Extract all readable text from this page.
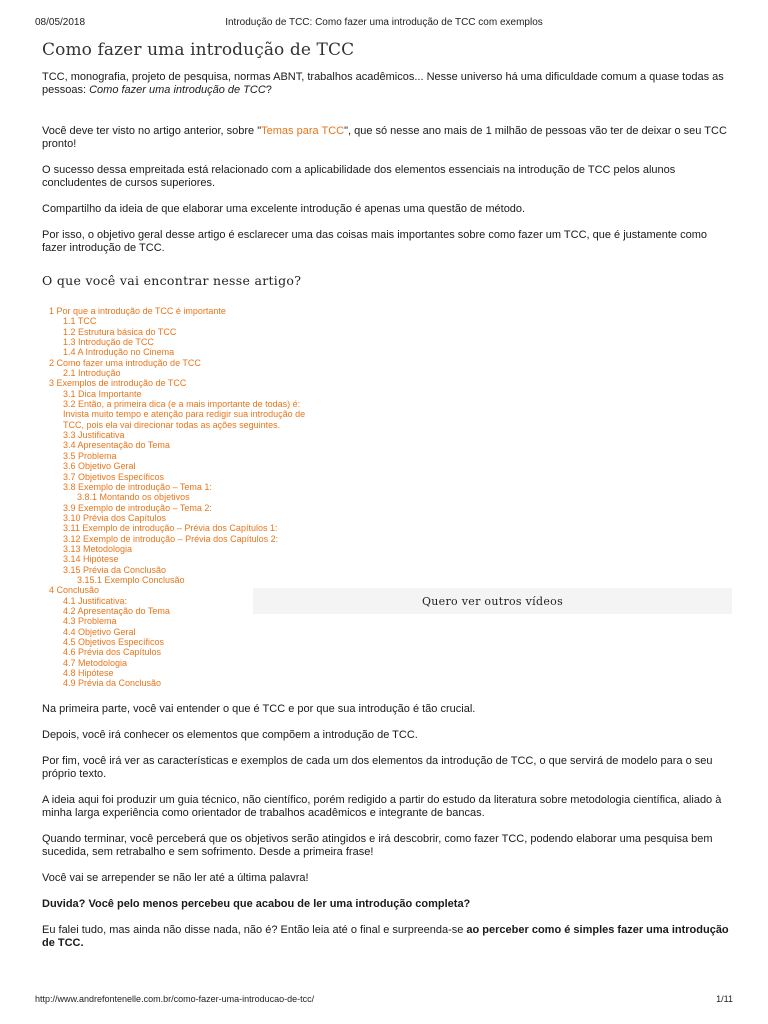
08/05/2018	Introdução de TCC: Como fazer uma introdução de TCC com exemplos
Como fazer uma introdução de TCC

TCC, monografia, projeto de pesquisa, normas ABNT, trabalhos acadêmicos... Nesse universo há uma dificuldade comum a quase todas as pessoas: Como fazer uma introdução de TCC?

Você deve ter visto no artigo anterior, sobre "Temas para TCC", que só nesse ano mais de 1 milhão de pessoas vão ter de deixar o seu TCC pronto!

O sucesso dessa empreitada está relacionado com a aplicabilidade dos elementos essenciais na introdução de TCC pelos alunos concludentes de cursos superiores.

Compartilho da ideia de que elaborar uma excelente introdução é apenas uma questão de método.

Por isso, o objetivo geral desse artigo é esclarecer uma das coisas mais importantes sobre como fazer um TCC, que é justamente como fazer introdução de TCC.

O que você vai encontrar nesse artigo?
1 Por que a introdução de TCC é importante
1.1 TCC
1.2 Estrutura básica do TCC
1.3 Introdução de TCC
1.4 A Introdução no Cinema
2 Como fazer uma introdução de TCC
2.1 Introdução
3 Exemplos de introdução de TCC
3.1 Dica Importante
3.2 Então, a primeira dica (e a mais importante de todas) é: Invista muito tempo e atenção para redigir sua introdução de TCC, pois ela vai direcionar todas as ações seguintes.
3.3 Justificativa
3.4 Apresentação do Tema
3.5 Problema
3.6 Objetivo Geral
3.7 Objetivos Específicos
3.8 Exemplo de introdução – Tema 1:
3.8.1 Montando os objetivos
3.9 Exemplo de introdução – Tema 2:
3.10 Prévia dos Capítulos
3.11 Exemplo de introdução – Prévia dos Capítulos 1:
3.12 Exemplo de introdução – Prévia dos Capítulos 2:
3.13 Metodologia
3.14 Hipótese
3.15 Prévia da Conclusão
3.15.1 Exemplo Conclusão
4 Conclusão
4.1 Justificativa:
4.2 Apresentação do Tema
4.3 Problema
4.4 Objetivo Geral
4.5 Objetivos Específicos
4.6 Prévia dos Capítulos
4.7 Metodologia
4.8 Hipótese
4.9 Prévia da Conclusão
Quero ver outros vídeos

Na primeira parte, você vai entender o que é TCC e por que sua introdução é tão crucial.

Depois, você irá conhecer os elementos que compõem a introdução de TCC.

Por fim, você irá ver as características e exemplos de cada um dos elementos da introdução de TCC, o que servirá de modelo para o seu próprio texto.

A ideia aqui foi produzir um guia técnico, não científico, porém redigido a partir do estudo da literatura sobre metodologia científica, aliado à minha larga experiência como orientador de trabalhos acadêmicos e integrante de bancas.

Quando terminar, você perceberá que os objetivos serão atingidos e irá descobrir, como fazer TCC, podendo elaborar uma pesquisa bem sucedida, sem retrabalho e sem sofrimento. Desde a primeira frase!

Você vai se arrepender se não ler até a última palavra!

Duvida? Você pelo menos percebeu que acabou de ler uma introdução completa?

Eu falei tudo, mas ainda não disse nada, não é? Então leia até o final e surpreenda-se ao perceber como é simples fazer uma introdução de TCC.

http://www.andrefontenelle.com.br/como-fazer-uma-introducao-de-tcc/	1/11
